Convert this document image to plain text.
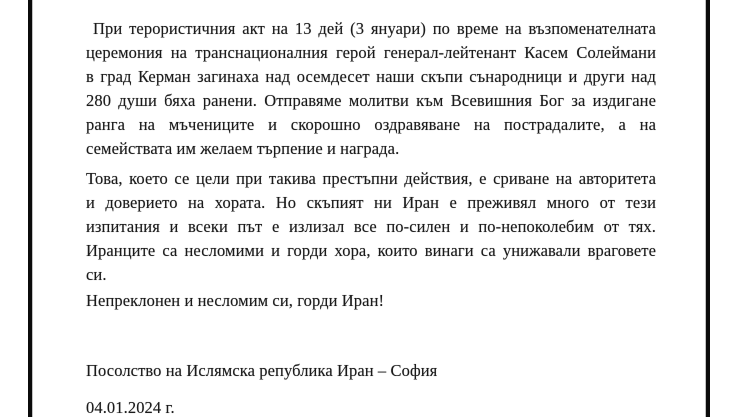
При терористичния акт на 13 дей (3 януари) по време на възпоменателната
церемония на транснационалния герой генерал-лейтенант Касем Солеймани
в град Керман загинаха над осемдесет наши скъпи сънародници и други над
280 души бяха ранени. Отправяме молитви към Всевишния Бог за издигане
ранга на мъчениците и скорошно оздравяване на пострадалите, а на
семействата им желаем търпение и награда.
Това, което се цели при такива престъпни действия, е сриване на авторитета
и доверието на хората. Но скъпият ни Иран е преживял много от тези
изпитания и всеки път е излизал все по-силен и по-непоколебим от тях.
Иранците са несломими и горди хора, които винаги са унижавали враговете
си.
Непреклонен и несломим си, горди Иран!
Посолство на Ислямска република Иран – София
04.01.2024 г.
